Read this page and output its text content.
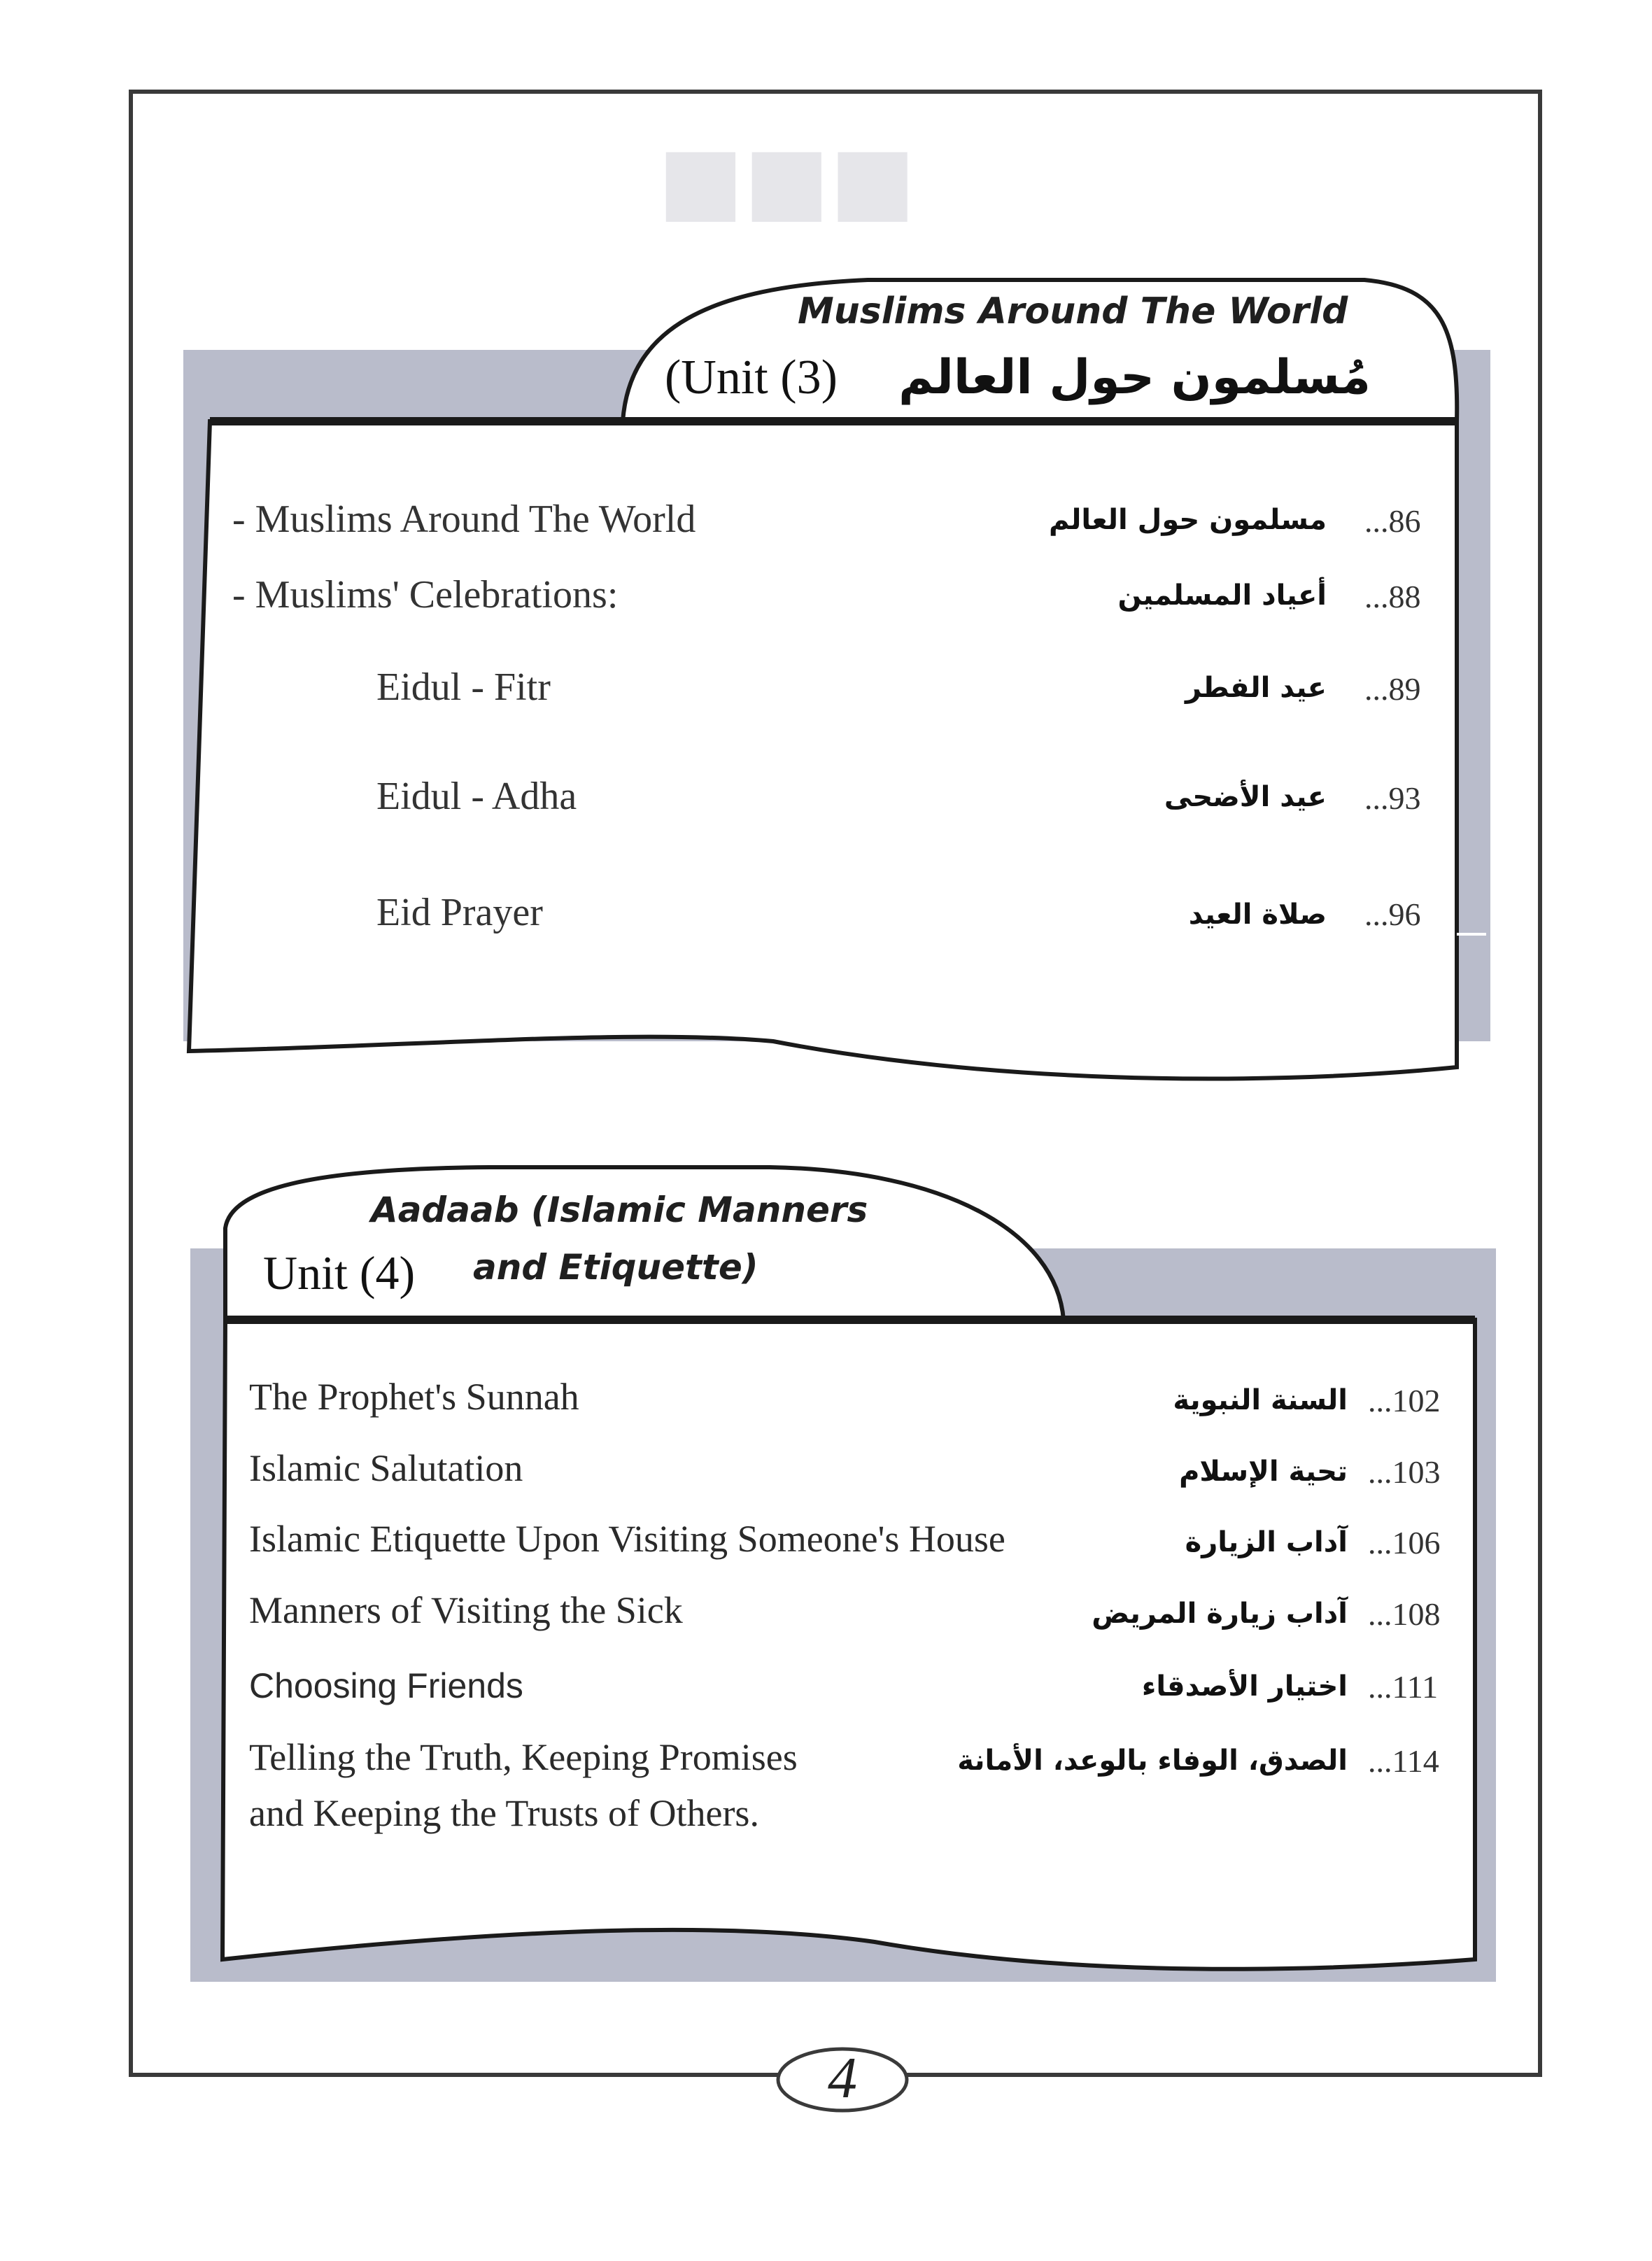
■■■
Muslims Around The World
(Unit (3) مُسلمون حول العالم
- Muslims Around The World	مسلمون حول العالم ...86
- Muslims' Celebrations:	أعياد المسلمين ...88
Eidul - Fitr	عيد الفطر ...89
Eidul - Adha	عيد الأضحى ...93
Eid Prayer	صلاة العيد ...96
Aadaab (Islamic Manners
Unit (4) and Etiquette)
The Prophet's Sunnah	السنة النبوية ...102
Islamic Salutation	تحية الإسلام ...103
Islamic Etiquette Upon Visiting Someone's House	آداب الزيارة ...106
Manners of Visiting the Sick	آداب زيارة المريض ...108
Choosing Friends	اختيار الأصدقاء ...111
Telling the Truth, Keeping Promises
and Keeping the Trusts of Others.
الصدق، الوفاء بالوعد، الأمانة ...114
4
